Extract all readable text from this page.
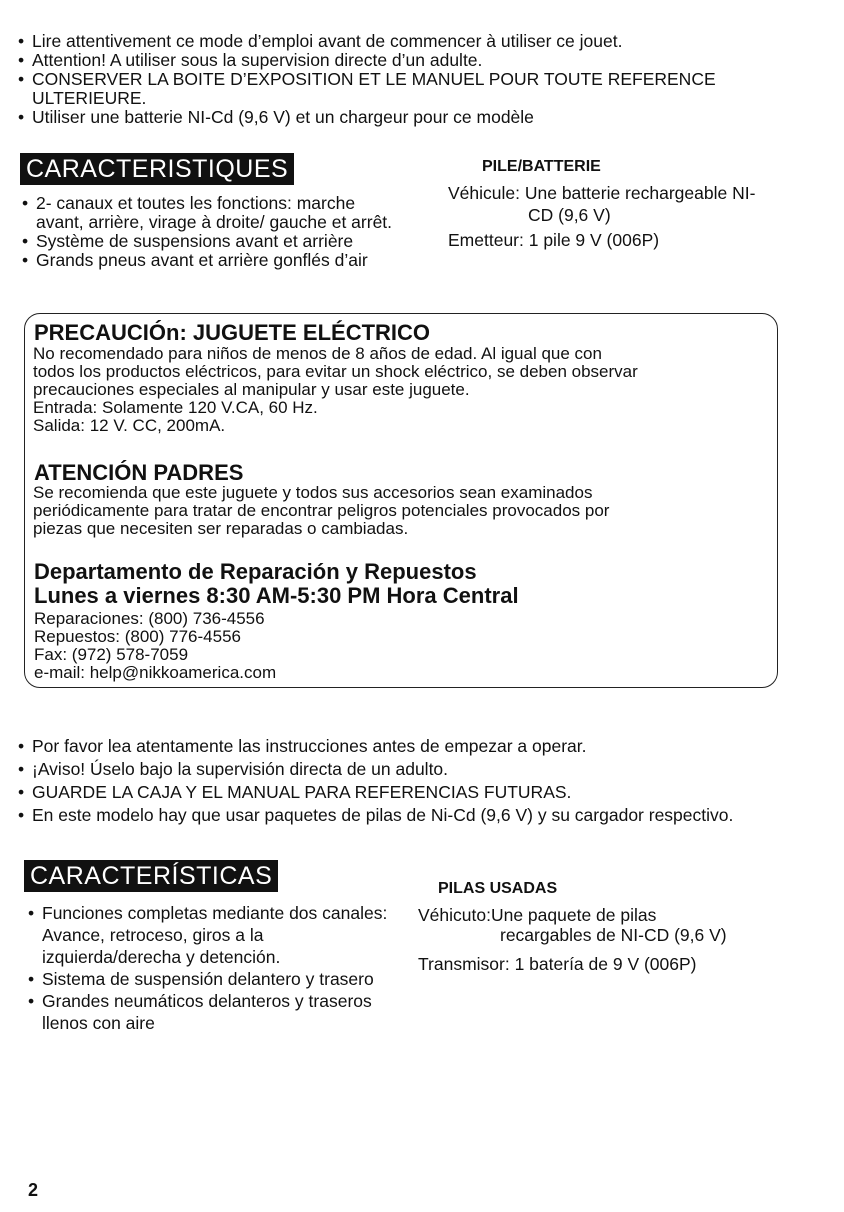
• Lire attentivement ce mode d’emploi avant de commencer à utiliser ce jouet.
• Attention! A utiliser sous la supervision directe d’un adulte.
• CONSERVER LA BOITE D’EXPOSITION ET LE MANUEL POUR TOUTE REFERENCE ULTERIEURE.
• Utiliser une batterie NI-Cd (9,6 V) et un chargeur pour ce modèle
CARACTERISTIQUES
• 2- canaux et toutes les fonctions: marche avant, arrière, virage à droite/ gauche et arrêt.
• Système de suspensions avant et arrière
• Grands pneus avant et arrière gonflés d’air
PILE/BATTERIE
Véhicule: Une batterie rechargeable NI-
CD (9,6 V)
Emetteur: 1 pile 9 V (006P)
PRECAUCIÓn: JUGUETE ELÉCTRICO
No recomendado para niños de menos de 8 años de edad. Al igual que con
todos los productos eléctricos, para evitar un shock eléctrico, se deben observar
precauciones especiales al manipular y usar este juguete.
Entrada: Solamente 120 V.CA, 60 Hz.
Salida: 12 V. CC, 200mA.
ATENCIÓN PADRES
Se recomienda que este juguete y todos sus accesorios sean examinados
periódicamente para tratar de encontrar peligros potenciales provocados por
piezas que necesiten ser reparadas o cambiadas.
Departamento de Reparación y Repuestos
Lunes a viernes 8:30 AM-5:30 PM Hora Central
Reparaciones: (800) 736-4556
Repuestos: (800) 776-4556
Fax: (972) 578-7059
e-mail: help@nikkoamerica.com
• Por favor lea atentamente las instrucciones antes de empezar a operar.
• ¡Aviso! Úselo bajo la supervisión directa de un adulto.
• GUARDE LA CAJA Y EL MANUAL PARA REFERENCIAS FUTURAS.
• En este modelo hay que usar paquetes de pilas de Ni-Cd (9,6 V) y su cargador respectivo.
CARACTERÍSTICAS
• Funciones completas mediante dos canales: Avance, retroceso, giros a la izquierda/derecha y detención.
• Sistema de suspensión delantero y trasero
• Grandes neumáticos delanteros y traseros llenos con aire
PILAS USADAS
Véhicuto:Une paquete de pilas
recargables de NI-CD (9,6 V)
Transmisor: 1 batería de 9 V (006P)
2
